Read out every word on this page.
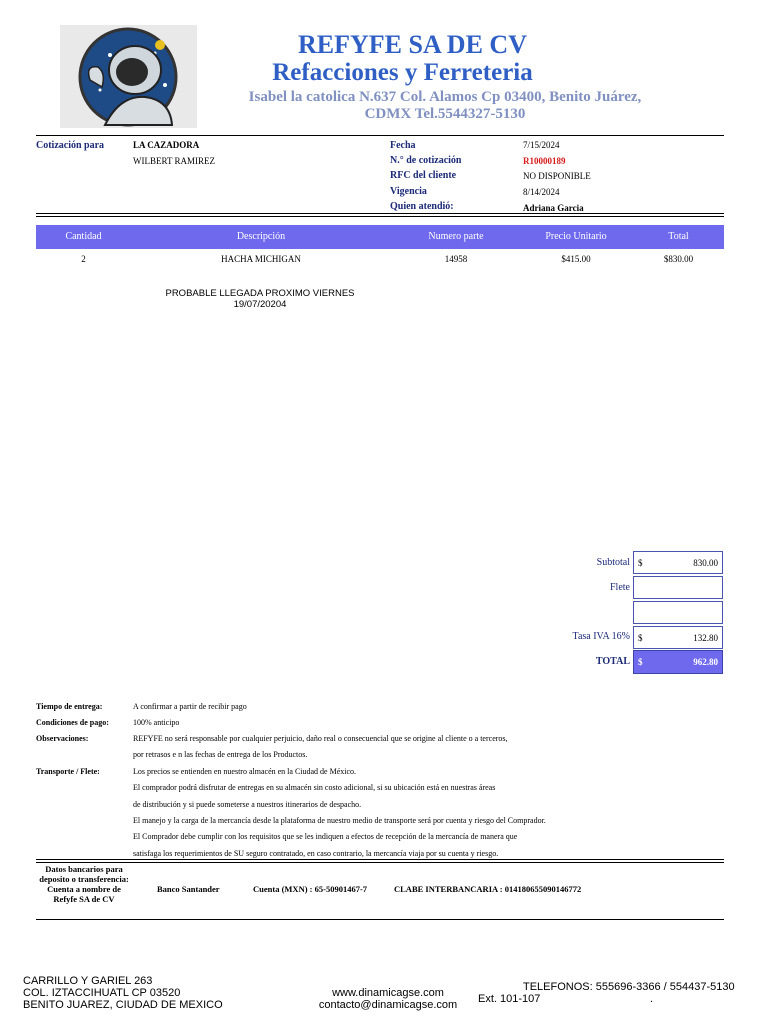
REFYFE SA DE CV
Refacciones y Ferreteria
Isabel la catolica N.637 Col. Alamos Cp 03400, Benito Juárez,
CDMX Tel.5544327-5130
Cotización para	LA CAZADORA
WILBERT RAMIREZ
Fecha	7/15/2024
N.° de cotización	R10000189
RFC del cliente	NO DISPONIBLE
Vigencia	8/14/2024
Quien atendió:	Adriana Garcia
Cantidad	Descripción	Numero parte	Precio Unitario	Total
2	HACHA MICHIGAN	14958	$415.00	$830.00
PROBABLE LLEGADA PROXIMO VIERNES
19/07/20204
Subtotal $	830.00
Flete
Tasa IVA 16% $	132.80
TOTAL $	962.80
Tiempo de entrega:	A confirmar a partir de recibir pago
Condiciones de pago:	100% anticipo
Observaciones:	REFYFE no será responsable por cualquier perjuicio, daño real o consecuencial que se origine al cliente o a terceros,
por retrasos e n las fechas de entrega de los Productos.
Transporte / Flete:	Los precios se entienden en nuestro almacén en la Ciudad de México.
El comprador podrá disfrutar de entregas en su almacén sin costo adicional, si su ubicación está en nuestras áreas
de distribución y si puede someterse a nuestros itinerarios de despacho.
El manejo y la carga de la mercancía desde la plataforma de nuestro medio de transporte será por cuenta y riesgo del Comprador.
El Comprador debe cumplir con los requisitos que se les indiquen a efectos de recepción de la mercancía de manera que
satisfaga los requerimientos de SU seguro contratado, en caso contrario, la mercancía viaja por su cuenta y riesgo.
Datos bancarios para deposito o transferencia: Cuenta a nombre de Refyfe SA de CV
Banco Santander	Cuenta (MXN) : 65-50901467-7	CLABE INTERBANCARIA : 014180655090146772
CARRILLO Y GARIEL 263
COL. IZTACCIHUATL CP 03520
BENITO JUAREZ, CIUDAD DE MEXICO
www.dinamicagse.com
contacto@dinamicagse.com
TELEFONOS: 555696-3366 / 554437-5130
Ext. 101-107	.
